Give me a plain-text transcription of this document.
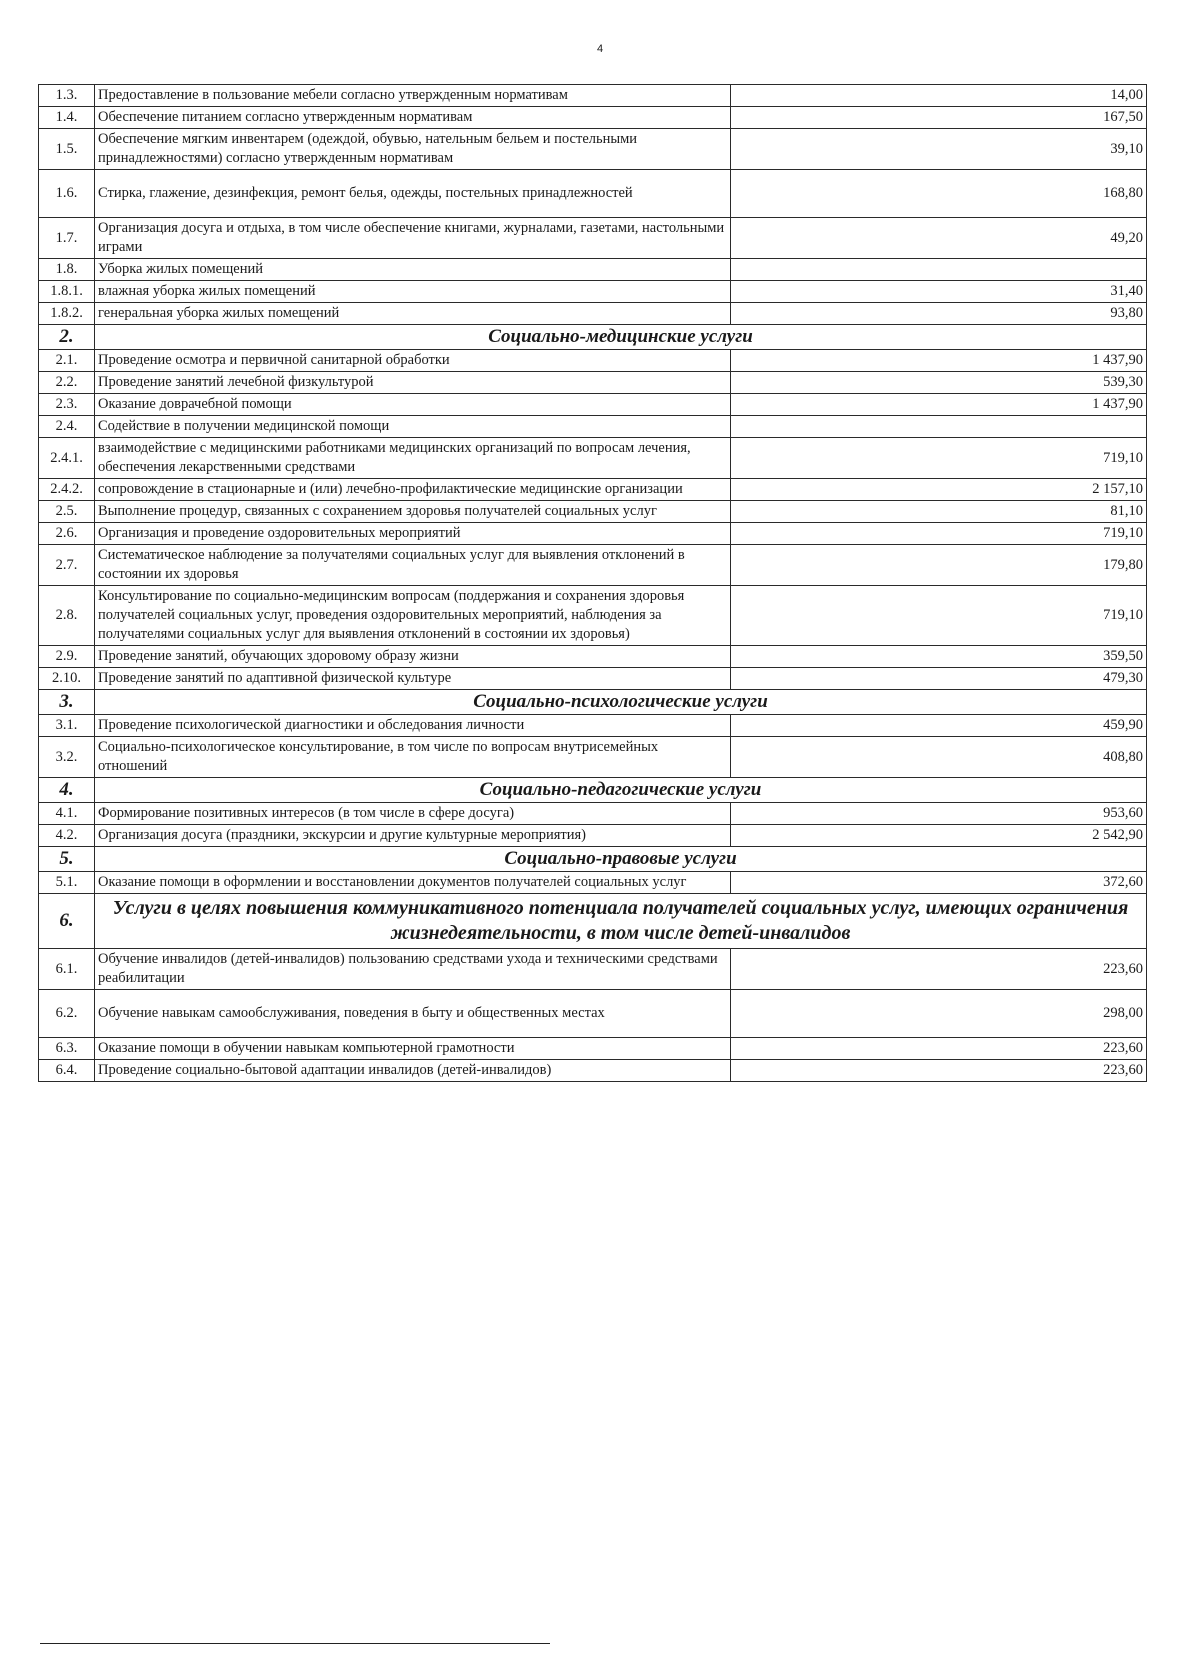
4
1.3.	Предоставление в пользование мебели согласно утвержденным нормативам	14,00
1.4.	Обеспечение питанием согласно утвержденным нормативам	167,50
1.5.	Обеспечение мягким инвентарем (одеждой, обувью, нательным бельем и постельными принадлежностями) согласно утвержденным нормативам	39,10
1.6.	Стирка, глажение, дезинфекция, ремонт белья, одежды, постельных принадлежностей	168,80
1.7.	Организация досуга и отдыха, в том числе обеспечение книгами, журналами, газетами, настольными играми	49,20
1.8.	Уборка жилых помещений	
1.8.1.	влажная уборка жилых помещений	31,40
1.8.2.	генеральная уборка жилых помещений	93,80
2.	Социально-медицинские услуги	
2.1.	Проведение осмотра и первичной санитарной обработки	1 437,90
2.2.	Проведение занятий лечебной физкультурой	539,30
2.3.	Оказание доврачебной помощи	1 437,90
2.4.	Содействие в получении медицинской помощи	
2.4.1.	взаимодействие с медицинскими работниками медицинских организаций по вопросам лечения, обеспечения лекарственными средствами	719,10
2.4.2.	сопровождение в стационарные и (или) лечебно-профилактические медицинские организации	2 157,10
2.5.	Выполнение процедур, связанных с сохранением здоровья получателей социальных услуг	81,10
2.6.	Организация и проведение оздоровительных мероприятий	719,10
2.7.	Систематическое наблюдение за получателями социальных услуг для выявления отклонений в состоянии их здоровья	179,80
2.8.	Консультирование по социально-медицинским вопросам (поддержания и сохранения здоровья получателей социальных услуг, проведения оздоровительных мероприятий, наблюдения за получателями социальных услуг для выявления отклонений в состоянии их здоровья)	719,10
2.9.	Проведение занятий, обучающих здоровому образу жизни	359,50
2.10.	Проведение занятий по адаптивной физической культуре	479,30
3.	Социально-психологические услуги	
3.1.	Проведение психологической диагностики и обследования личности	459,90
3.2.	Социально-психологическое консультирование, в том числе по вопросам внутрисемейных отношений	408,80
4.	Социально-педагогические услуги	
4.1.	Формирование позитивных интересов (в том числе в сфере досуга)	953,60
4.2.	Организация досуга (праздники, экскурсии и другие культурные мероприятия)	2 542,90
5.	Социально-правовые услуги	
5.1.	Оказание помощи в оформлении и восстановлении документов получателей социальных услуг	372,60
6.	Услуги в целях повышения коммуникативного потенциала получателей социальных услуг, имеющих ограничения жизнедеятельности, в том числе детей-инвалидов	
6.1.	Обучение инвалидов (детей-инвалидов) пользованию средствами ухода и техническими средствами реабилитации	223,60
6.2.	Обучение навыкам самообслуживания, поведения в быту и общественных местах	298,00
6.3.	Оказание помощи в обучении навыкам компьютерной грамотности	223,60
6.4.	Проведение социально-бытовой адаптации инвалидов (детей-инвалидов)	223,60
